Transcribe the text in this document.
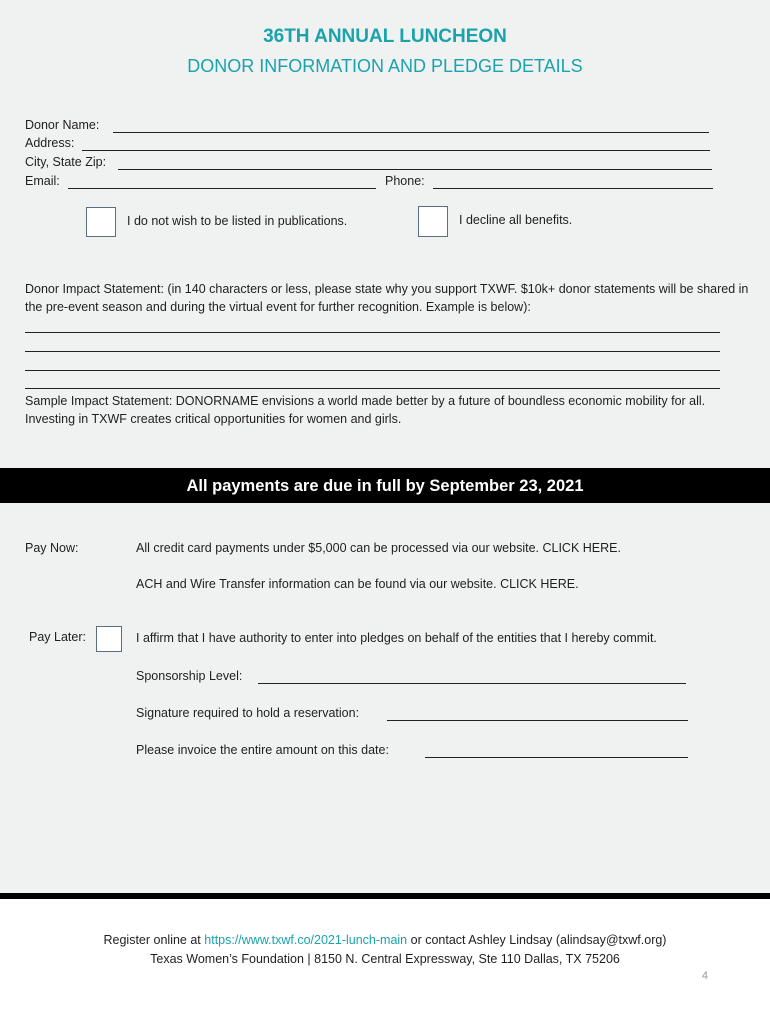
36TH ANNUAL LUNCHEON
DONOR INFORMATION AND PLEDGE DETAILS
Donor Name:
Address:
City, State Zip:
Email:	Phone:
I do not wish to be listed in publications.	I decline all benefits.
Donor Impact Statement: (in 140 characters or less, please state why you support TXWF. $10k+ donor statements will be shared in the pre-event season and during the virtual event for further recognition. Example is below):
Sample Impact Statement: DONORNAME envisions a world made better by a future of boundless economic mobility for all. Investing in TXWF creates critical opportunities for women and girls.
All payments are due in full by September 23, 2021
Pay Now:	All credit card payments under $5,000 can be processed via our website. CLICK HERE.
ACH and Wire Transfer information can be found via our website. CLICK HERE.
Pay Later:	I affirm that I have authority to enter into pledges on behalf of the entities that I hereby commit.
Sponsorship Level:
Signature required to hold a reservation:
Please invoice the entire amount on this date:
Register online at https://www.txwf.co/2021-lunch-main or contact Ashley Lindsay (alindsay@txwf.org)
Texas Women’s Foundation | 8150 N. Central Expressway, Ste 110 Dallas, TX 75206
4
